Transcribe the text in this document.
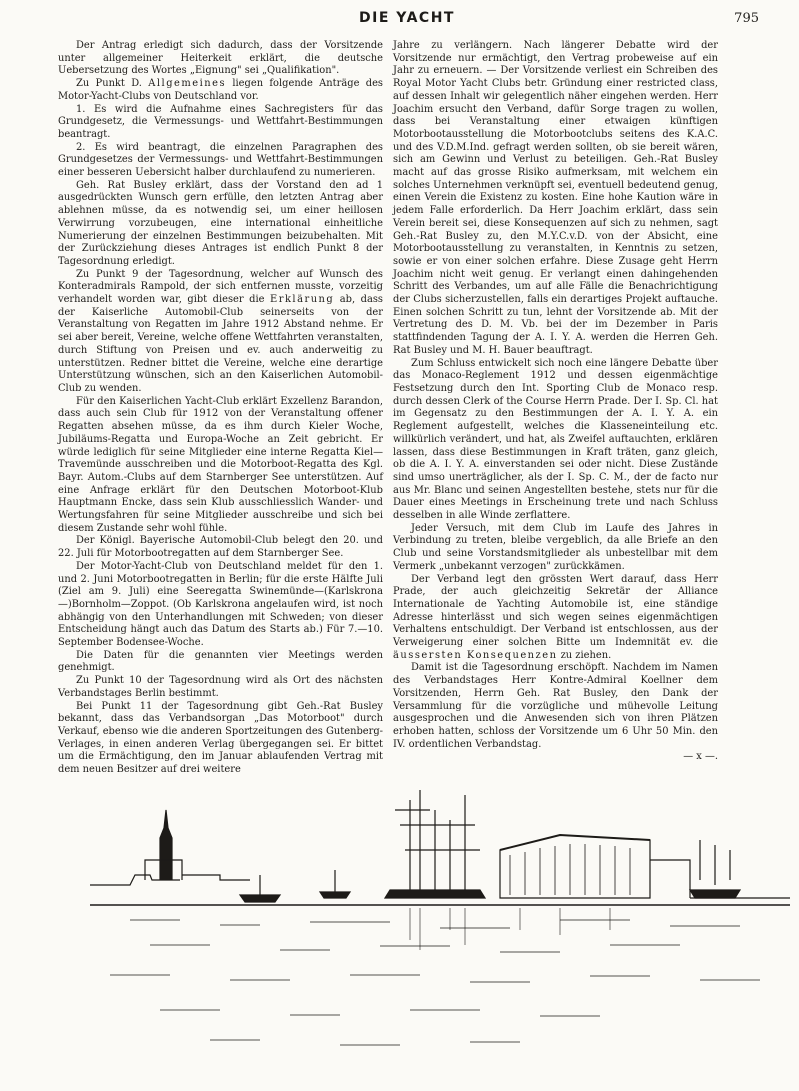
DIE YACHT	795

Der Antrag erledigt sich dadurch, dass der Vorsitzende unter allgemeiner Heiterkeit erklärt, die deutsche Uebersetzung des Wortes „Eignung" sei „Qualifikation".

Zu Punkt D. Allgemeines liegen folgende Anträge des Motor-Yacht-Clubs von Deutschland vor.

1. Es wird die Aufnahme eines Sachregisters für das Grundgesetz, die Vermessungs- und Wettfahrt-Bestimmungen beantragt.

2. Es wird beantragt, die einzelnen Paragraphen des Grundgesetzes der Vermessungs- und Wettfahrt-Bestimmungen einer besseren Uebersicht halber durchlaufend zu numerieren.

Geh. Rat Busley erklärt, dass der Vorstand den ad 1 ausgedrückten Wunsch gern erfülle, den letzten Antrag aber ablehnen müsse, da es notwendig sei, um einer heillosen Verwirrung vorzubeugen, eine international einheitliche Numerierung der einzelnen Bestimmungen beizubehalten. Mit der Zurückziehung dieses Antrages ist endlich Punkt 8 der Tagesordnung erledigt.

Zu Punkt 9 der Tagesordnung, welcher auf Wunsch des Konteradmirals Rampold, der sich entfernen musste, vorzeitig verhandelt worden war, gibt dieser die Erklärung ab, dass der Kaiserliche Automobil-Club seinerseits von der Veranstaltung von Regatten im Jahre 1912 Abstand nehme. Er sei aber bereit, Vereine, welche offene Wettfahrten veranstalten, durch Stiftung von Preisen und ev. auch anderweitig zu unterstützen. Redner bittet die Vereine, welche eine derartige Unterstützung wünschen, sich an den Kaiserlichen Automobil-Club zu wenden.

Für den Kaiserlichen Yacht-Club erklärt Exzellenz Barandon, dass auch sein Club für 1912 von der Veranstaltung offener Regatten absehen müsse, da es ihm durch Kieler Woche, Jubiläums-Regatta und Europa-Woche an Zeit gebricht. Er würde lediglich für seine Mitglieder eine interne Regatta Kiel—Travemünde ausschreiben und die Motorboot-Regatta des Kgl. Bayr. Autom.-Clubs auf dem Starnberger See unterstützen. Auf eine Anfrage erklärt für den Deutschen Motorboot-Klub Hauptmann Encke, dass sein Klub ausschliesslich Wander- und Wertungsfahren für seine Mitglieder ausschreibe und sich bei diesem Zustande sehr wohl fühle.

Der Königl. Bayerische Automobil-Club belegt den 20. und 22. Juli für Motorbootregatten auf dem Starnberger See.

Der Motor-Yacht-Club von Deutschland meldet für den 1. und 2. Juni Motorbootregatten in Berlin; für die erste Hälfte Juli (Ziel am 9. Juli) eine Seeregatta Swinemünde—(Karlskrona—)Bornholm—Zoppot. (Ob Karlskrona angelaufen wird, ist noch abhängig von den Unterhandlungen mit Schweden; von dieser Entscheidung hängt auch das Datum des Starts ab.) Für 7.—10. September Bodensee-Woche.

Die Daten für die genannten vier Meetings werden genehmigt.

Zu Punkt 10 der Tagesordnung wird als Ort des nächsten Verbandstages Berlin bestimmt.

Bei Punkt 11 der Tagesordnung gibt Geh.-Rat Busley bekannt, dass das Verbandsorgan „Das Motorboot" durch Verkauf, ebenso wie die anderen Sportzeitungen des Gutenberg-Verlages, in einen anderen Verlag übergegangen sei. Er bittet um die Ermächtigung, den im Januar ablaufenden Vertrag mit dem neuen Besitzer auf drei weitere

Jahre zu verlängern. Nach längerer Debatte wird der Vorsitzende nur ermächtigt, den Vertrag probeweise auf ein Jahr zu erneuern. — Der Vorsitzende verliest ein Schreiben des Royal Motor Yacht Clubs betr. Gründung einer restricted class, auf dessen Inhalt wir gelegentlich näher eingehen werden. Herr Joachim ersucht den Verband, dafür Sorge tragen zu wollen, dass bei Veranstaltung einer etwaigen künftigen Motorbootausstellung die Motorbootclubs seitens des K.A.C. und des V.D.M.Ind. gefragt werden sollten, ob sie bereit wären, sich am Gewinn und Verlust zu beteiligen. Geh.-Rat Busley macht auf das grosse Risiko aufmerksam, mit welchem ein solches Unternehmen verknüpft sei, eventuell bedeutend genug, einen Verein die Existenz zu kosten. Eine hohe Kaution wäre in jedem Falle erforderlich. Da Herr Joachim erklärt, dass sein Verein bereit sei, diese Konsequenzen auf sich zu nehmen, sagt Geh.-Rat Busley zu, den M.Y.C.v.D. von der Absicht, eine Motorbootausstellung zu veranstalten, in Kenntnis zu setzen, sowie er von einer solchen erfahre. Diese Zusage geht Herrn Joachim nicht weit genug. Er verlangt einen dahingehenden Schritt des Verbandes, um auf alle Fälle die Benachrichtigung der Clubs sicherzustellen, falls ein derartiges Projekt auftauche. Einen solchen Schritt zu tun, lehnt der Vorsitzende ab. Mit der Vertretung des D. M. Vb. bei der im Dezember in Paris stattfindenden Tagung der A. I. Y. A. werden die Herren Geh. Rat Busley und M. H. Bauer beauftragt.

Zum Schluss entwickelt sich noch eine längere Debatte über das Monaco-Reglement 1912 und dessen eigenmächtige Festsetzung durch den Int. Sporting Club de Monaco resp. durch dessen Clerk of the Course Herrn Prade. Der I. Sp. Cl. hat im Gegensatz zu den Bestimmungen der A. I. Y. A. ein Reglement aufgestellt, welches die Klasseneinteilung etc. willkürlich verändert, und hat, als Zweifel auftauchten, erklären lassen, dass diese Bestimmungen in Kraft träten, ganz gleich, ob die A. I. Y. A. einverstanden sei oder nicht. Diese Zustände sind umso unerträglicher, als der I. Sp. C. M., der de facto nur aus Mr. Blanc und seinen Angestellten bestehe, stets nur für die Dauer eines Meetings in Erscheinung trete und nach Schluss desselben in alle Winde zerflattere.

Jeder Versuch, mit dem Club im Laufe des Jahres in Verbindung zu treten, bleibe vergeblich, da alle Briefe an den Club und seine Vorstandsmitglieder als unbestellbar mit dem Vermerk „unbekannt verzogen" zurückkämen.

Der Verband legt den grössten Wert darauf, dass Herr Prade, der auch gleichzeitig Sekretär der Alliance Internationale de Yachting Automobile ist, eine ständige Adresse hinterlässt und sich wegen seines eigenmächtigen Verhaltens entschuldigt. Der Verband ist entschlossen, aus der Verweigerung einer solchen Bitte um Indemnität ev. die äussersten Konsequenzen zu ziehen.

Damit ist die Tagesordnung erschöpft. Nachdem im Namen des Verbandstages Herr Kontre-Admiral Koellner dem Vorsitzenden, Herrn Geh. Rat Busley, den Dank der Versammlung für die vorzügliche und mühevolle Leitung ausgesprochen und die Anwesenden sich von ihren Plätzen erhoben hatten, schloss der Vorsitzende um 6 Uhr 50 Min. den IV. ordentlichen Verbandstag.

— x —.
